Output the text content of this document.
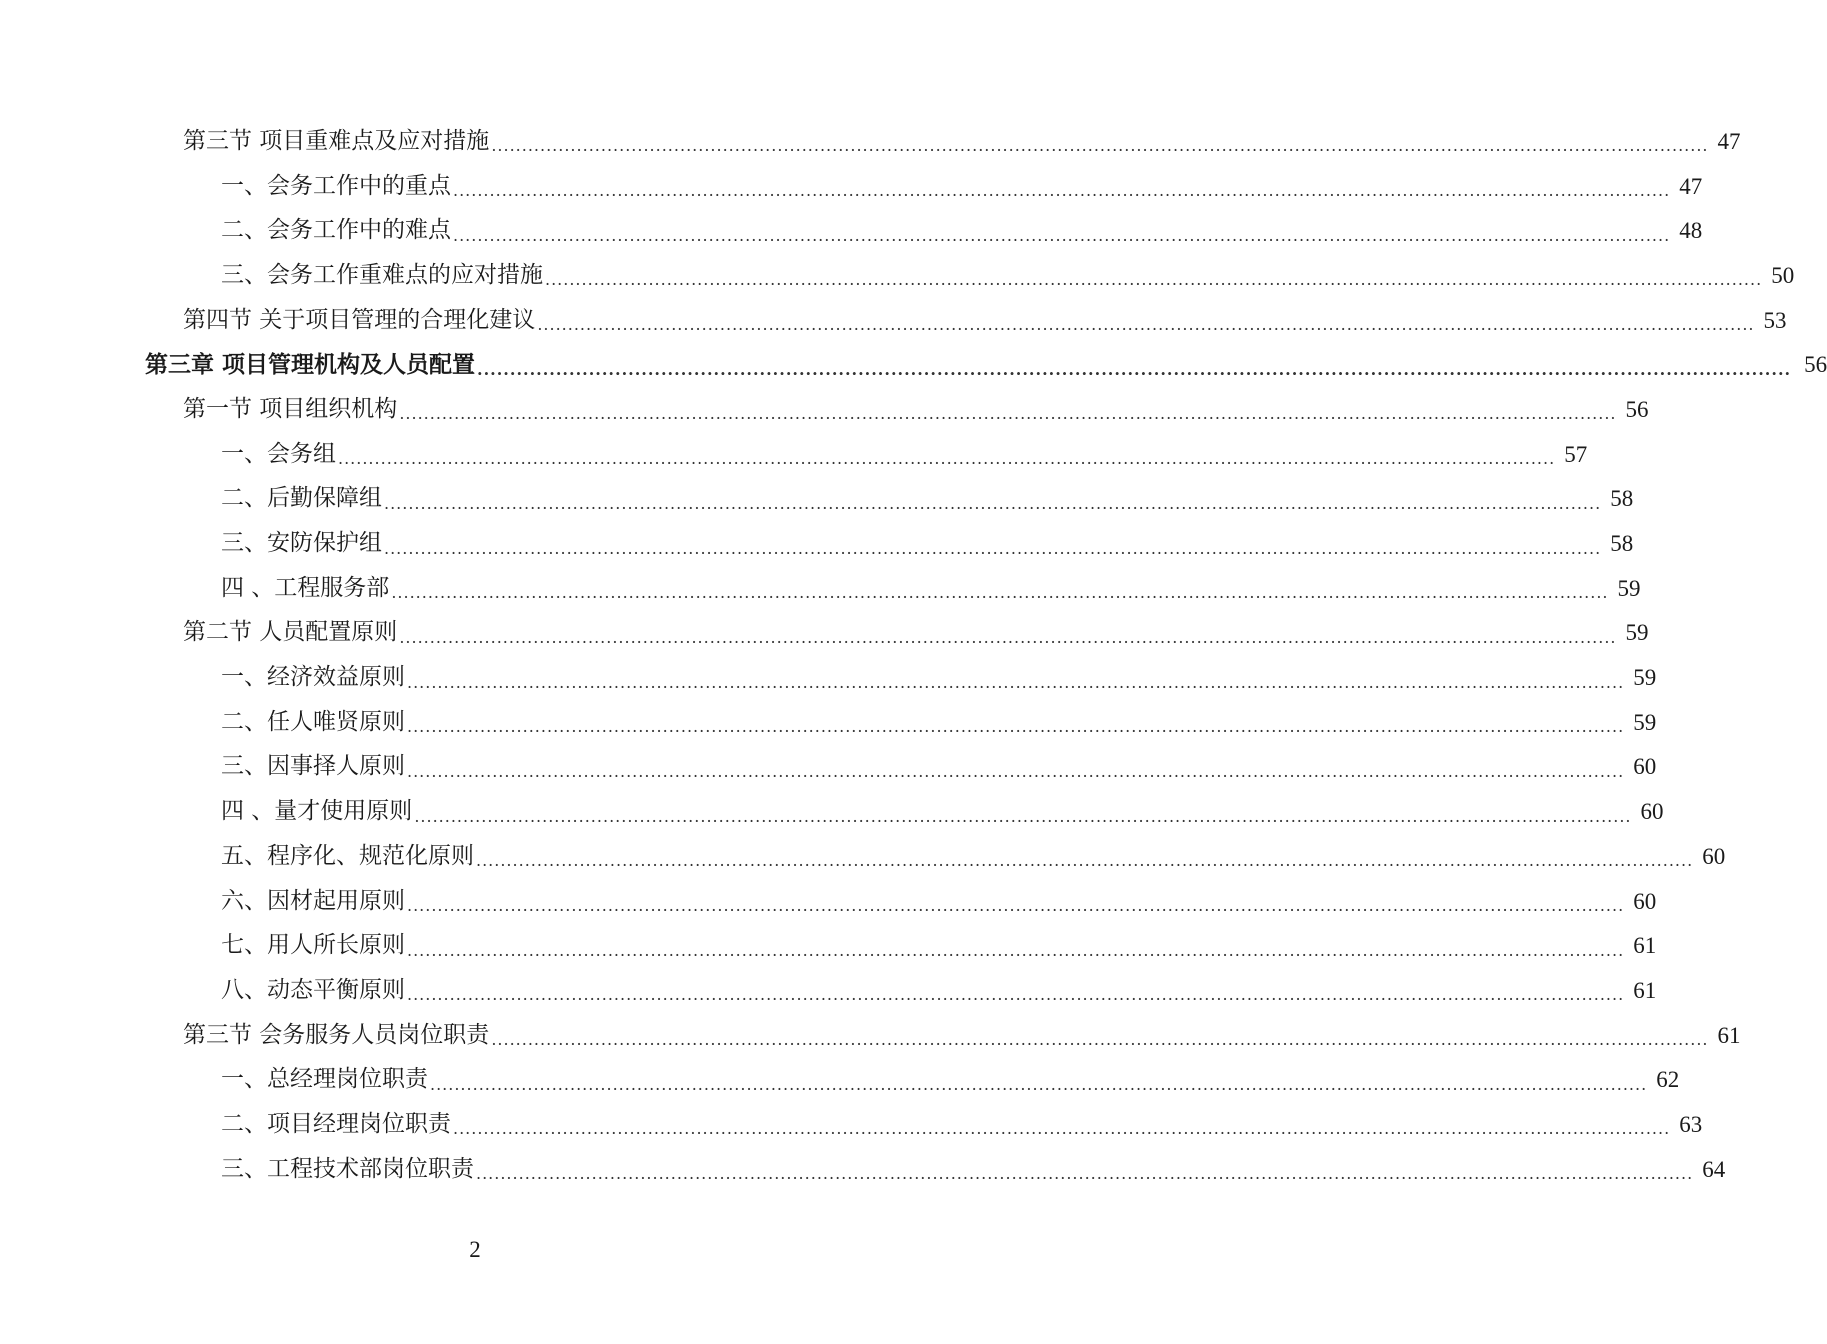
第三节 项目重难点及应对措施 ........................................................................................................................................................................................................ 47
一、会务工作中的重点 ........................................................................................................................................................................................................ 47
二、会务工作中的难点 ........................................................................................................................................................................................................ 48
三、会务工作重难点的应对措施 ........................................................................................................................................................................................................ 50
第四节 关于项目管理的合理化建议 ........................................................................................................................................................................................................ 53
第三章 项目管理机构及人员配置 ........................................................................................................................................................................................................ 56
第一节 项目组织机构 ........................................................................................................................................................................................................ 56
一、会务组 ........................................................................................................................................................................................................ 57
二、后勤保障组 ........................................................................................................................................................................................................ 58
三、安防保护组 ........................................................................................................................................................................................................ 58
四 、工程服务部 ........................................................................................................................................................................................................ 59
第二节 人员配置原则 ........................................................................................................................................................................................................ 59
一、经济效益原则 ........................................................................................................................................................................................................ 59
二、任人唯贤原则 ........................................................................................................................................................................................................ 59
三、因事择人原则 ........................................................................................................................................................................................................ 60
四 、量才使用原则 ........................................................................................................................................................................................................ 60
五、程序化、规范化原则 ........................................................................................................................................................................................................ 60
六、因材起用原则 ........................................................................................................................................................................................................ 60
七、用人所长原则 ........................................................................................................................................................................................................ 61
八、动态平衡原则 ........................................................................................................................................................................................................ 61
第三节 会务服务人员岗位职责 ........................................................................................................................................................................................................ 61
一、总经理岗位职责 ........................................................................................................................................................................................................ 62
二、项目经理岗位职责 ........................................................................................................................................................................................................ 63
三、工程技术部岗位职责 ........................................................................................................................................................................................................ 64
2
